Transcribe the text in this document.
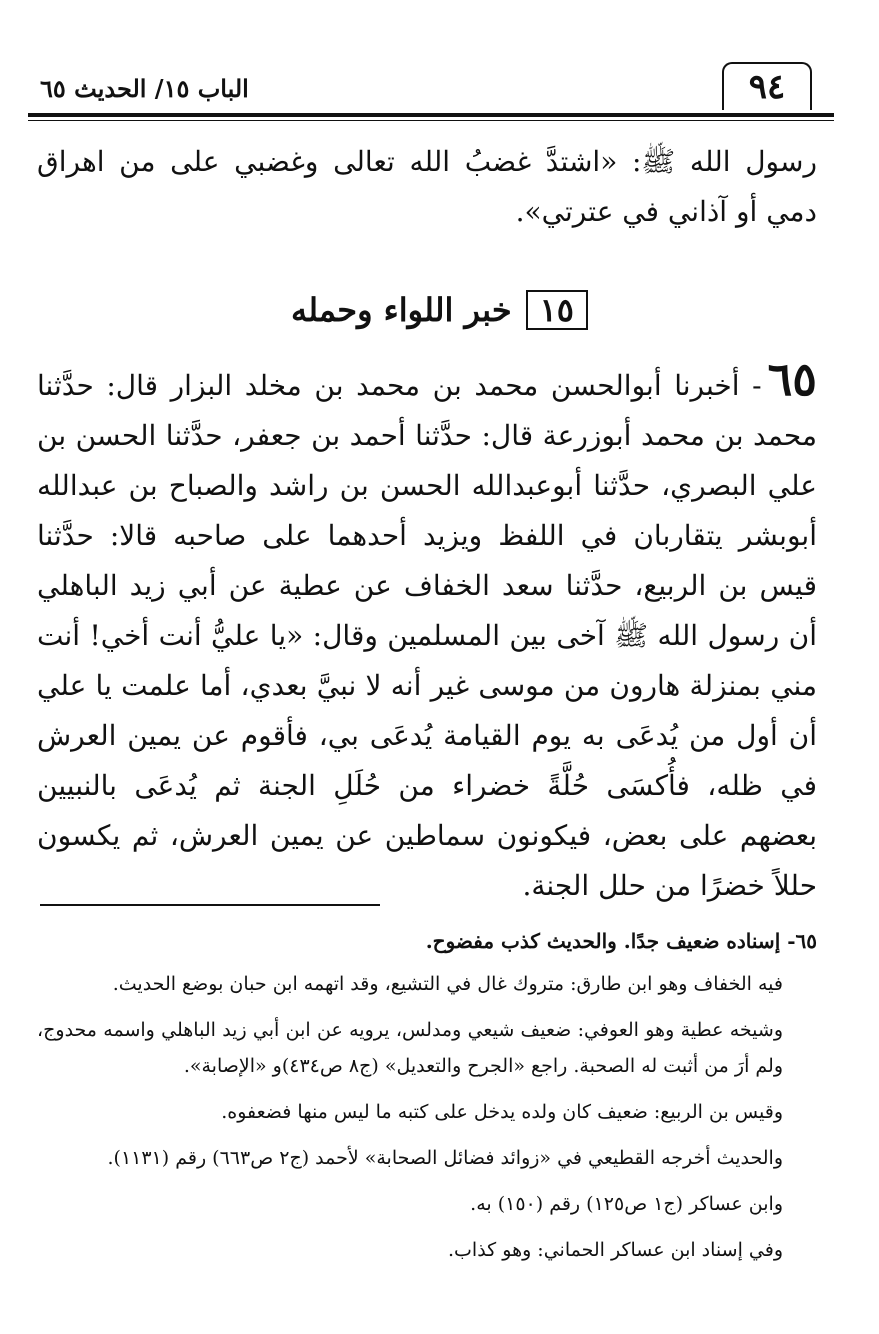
٩٤
الباب ١٥/ الحديث ٦٥
رسول الله ﷺ: «اشتدَّ غضبُ الله تعالى وغضبي على من اهراق دمي أو آذاني في عترتي».
١٥خبر اللواء وحمله
٦٥- أخبرنا أبوالحسن محمد بن محمد بن مخلد البزار قال: حدَّثنا محمد بن محمد أبوزرعة قال: حدَّثنا أحمد بن جعفر، حدَّثنا الحسن بن علي البصري، حدَّثنا أبوعبدالله الحسن بن راشد والصباح بن عبدالله أبوبشر يتقاربان في اللفظ ويزيد أحدهما على صاحبه قالا: حدَّثنا قيس بن الربيع، حدَّثنا سعد الخفاف عن عطية عن أبي زيد الباهلي أن رسول الله ﷺ آخى بين المسلمين وقال: «يا عليُّ أنت أخي! أنت مني بمنزلة هارون من موسى غير أنه لا نبيَّ بعدي، أما علمت يا علي أن أول من يُدعَى به يوم القيامة يُدعَى بي، فأقوم عن يمين العرش في ظله، فأُكسَى حُلَّةً خضراء من حُلَلِ الجنة ثم يُدعَى بالنبيين بعضهم على بعض، فيكونون سماطين عن يمين العرش، ثم يكسون حللاً خضرًا من حلل الجنة.
٦٥- إسناده ضعيف جدًا. والحديث كذب مفضوح.
فيه الخفاف وهو ابن طارق: متروك غال في التشيع، وقد اتهمه ابن حبان بوضع الحديث.
وشيخه عطية وهو العوفي: ضعيف شيعي ومدلس، يرويه عن ابن أبي زيد الباهلي واسمه محدوج، ولم أرَ من أثبت له الصحبة. راجع «الجرح والتعديل» (ج٨ ص٤٣٤)و «الإصابة».
وقيس بن الربيع: ضعيف كان ولده يدخل على كتبه ما ليس منها فضعفوه.
والحديث أخرجه القطيعي في «زوائد فضائل الصحابة» لأحمد (ج٢ ص٦٦٣) رقم (١١٣١).
وابن عساكر (ج١ ص١٢٥) رقم (١٥٠) به.
وفي إسناد ابن عساكر الحماني: وهو كذاب.
